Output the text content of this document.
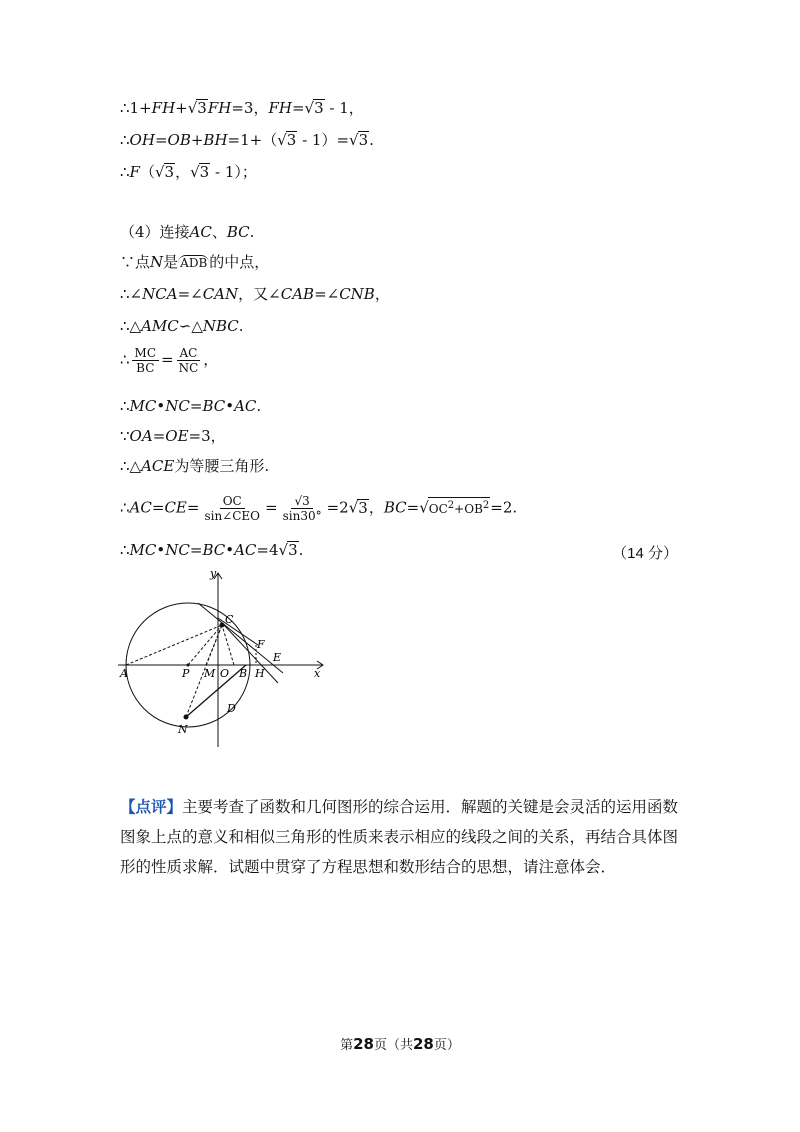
∴1+FH+√3FH=3，FH=√3 - 1，
∴OH=OB+BH=1+（√3 - 1）=√3.
∴F（√3，√3 - 1）；
（4）连接AC、BC.
∵点N是 ADB 的中点，
∴∠NCA=∠CAN，又∠CAB=∠CNB，
∴△AMC∽△NBC.
∴ $\frac{MC}{BC} = \frac{AC}{NC}$ ，
∴MC•NC=BC•AC.
∵OA=OE=3，
∴△ACE为等腰三角形.
∴AC=CE= $\frac{OC}{\text{sin∠CEO}} = \frac{√3}{\sin 30^\circ} =2√3$，$BC=√OC^2+OB^2=2$.
∴MC•NC=BC•AC=4√3.	（14 分）
y
C
F
E
A	P M O B H	x
D
N
【点评】主要考查了函数和几何图形的综合运用．解题的关键是会灵活的运用函数图象上点的意义和相似三角形的性质来表示相应的线段之间的关系，再结合具体图形的性质求解．试题中贯穿了方程思想和数形结合的思想，请注意体会．
第28页（共28页）
